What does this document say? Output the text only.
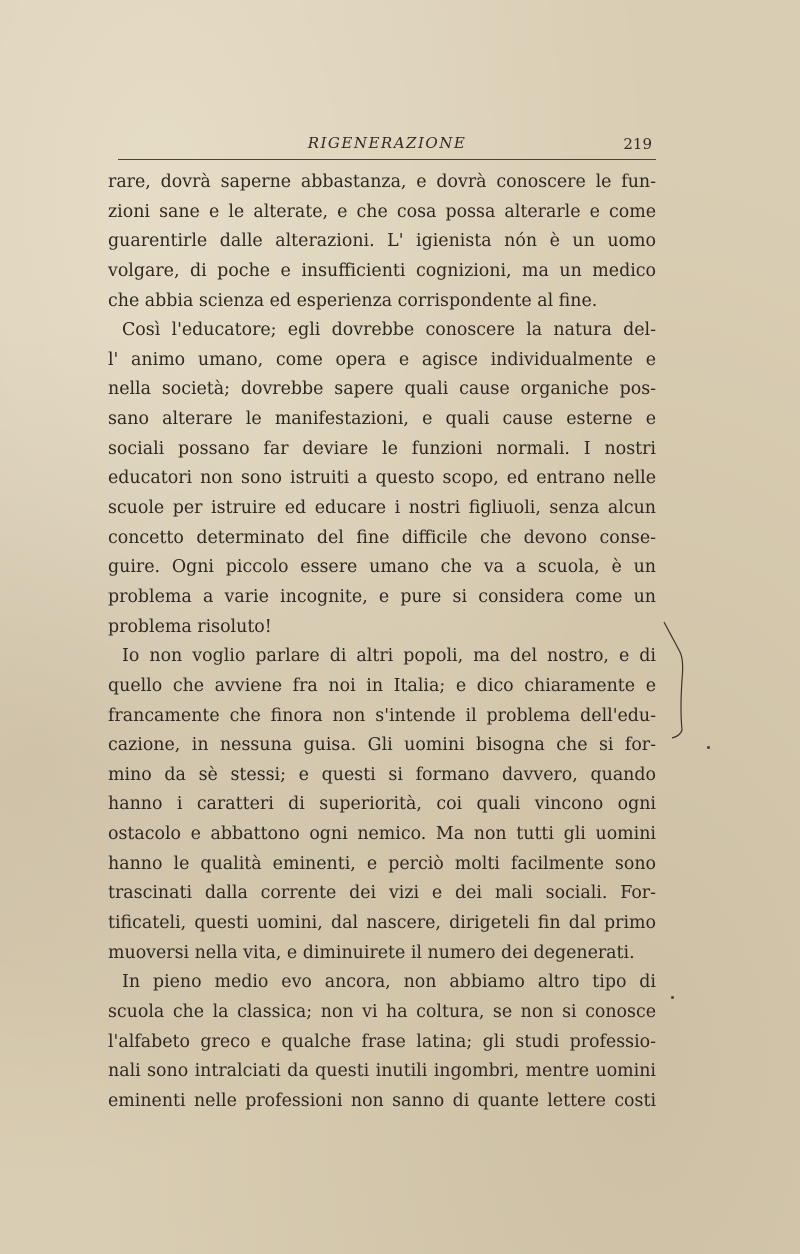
RIGENERAZIONE	219
rare, dovrà saperne abbastanza, e dovrà conoscere le fun-
zioni sane e le alterate, e che cosa possa alterarle e come
guarentirle dalle alterazioni. L' igienista nón è un uomo
volgare, di poche e insufficienti cognizioni, ma un medico
che abbia scienza ed esperienza corrispondente al fine.
Così l'educatore; egli dovrebbe conoscere la natura del-
l' animo umano, come opera e agisce individualmente e
nella società; dovrebbe sapere quali cause organiche pos-
sano alterare le manifestazioni, e quali cause esterne e
sociali possano far deviare le funzioni normali. I nostri
educatori non sono istruiti a questo scopo, ed entrano nelle
scuole per istruire ed educare i nostri figliuoli, senza alcun
concetto determinato del fine difficile che devono conse-
guire. Ogni piccolo essere umano che va a scuola, è un
problema a varie incognite, e pure si considera come un
problema risoluto!
Io non voglio parlare di altri popoli, ma del nostro, e di
quello che avviene fra noi in Italia; e dico chiaramente e
francamente che finora non s'intende il problema dell'edu-
cazione, in nessuna guisa. Gli uomini bisogna che si for-
mino da sè stessi; e questi si formano davvero, quando
hanno i caratteri di superiorità, coi quali vincono ogni
ostacolo e abbattono ogni nemico. Ma non tutti gli uomini
hanno le qualità eminenti, e perciò molti facilmente sono
trascinati dalla corrente dei vizi e dei mali sociali. For-
tificateli, questi uomini, dal nascere, dirigeteli fin dal primo
muoversi nella vita, e diminuirete il numero dei degenerati.
In pieno medio evo ancora, non abbiamo altro tipo di
scuola che la classica; non vi ha coltura, se non si conosce
l'alfabeto greco e qualche frase latina; gli studi professio-
nali sono intralciati da questi inutili ingombri, mentre uomini
eminenti nelle professioni non sanno di quante lettere costi
